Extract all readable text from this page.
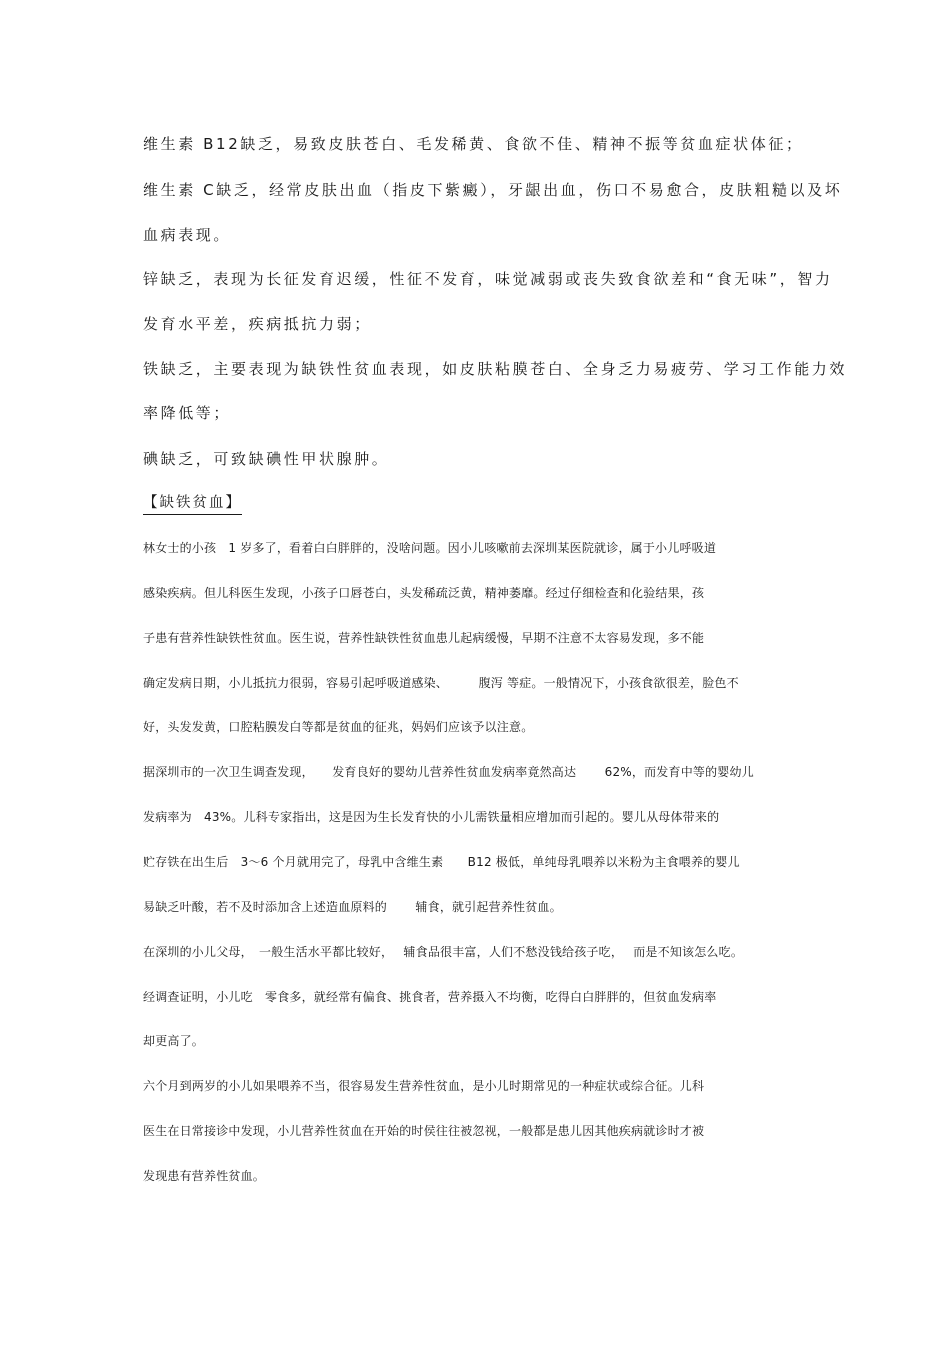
维生素 B12缺乏，易致皮肤苍白、毛发稀黄、食欲不佳、精神不振等贫血症状体征；
维生素 C缺乏，经常皮肤出血（指皮下紫癜），牙龈出血，伤口不易愈合，皮肤粗糙以及坏
血病表现。
锌缺乏，表现为长征发育迟缓，性征不发育，味觉减弱或丧失致食欲差和“食无味”，智力
发育水平差，疾病抵抗力弱；
铁缺乏，主要表现为缺铁性贫血表现，如皮肤粘膜苍白、全身乏力易疲劳、学习工作能力效
率降低等；
碘缺乏，可致缺碘性甲状腺肿。
【缺铁贫血】
林女士的小孩　1 岁多了，看着白白胖胖的，没啥问题。因小儿咳嗽前去深圳某医院就诊，属于小儿呼吸道
感染疾病。但儿科医生发现，小孩子口唇苍白，头发稀疏泛黄，精神萎靡。经过仔细检查和化验结果，孩
子患有营养性缺铁性贫血。医生说，营养性缺铁性贫血患儿起病缓慢，早期不注意不太容易发现，多不能
确定发病日期，小儿抵抗力很弱，容易引起呼吸道感染、　　　腹泻 等症。一般情况下，小孩食欲很差，脸色不
好，头发发黄，口腔粘膜发白等都是贫血的征兆，妈妈们应该予以注意。
据深圳市的一次卫生调查发现，　　发育良好的婴幼儿营养性贫血发病率竟然高达　　 62%，而发育中等的婴幼儿
发病率为　43%。儿科专家指出，这是因为生长发育快的小儿需铁量相应增加而引起的。婴儿从母体带来的
贮存铁在出生后　3～6 个月就用完了，母乳中含维生素　　B12 极低，单纯母乳喂养以米粉为主食喂养的婴儿
易缺乏叶酸，若不及时添加含上述造血原料的　　 辅食，就引起营养性贫血。
在深圳的小儿父母，　一般生活水平都比较好，　 辅食品很丰富，人们不愁没钱给孩子吃，　 而是不知该怎么吃。
经调查证明，小儿吃　零食多，就经常有偏食、挑食者，营养摄入不均衡，吃得白白胖胖的，但贫血发病率
却更高了。
六个月到两岁的小儿如果喂养不当，很容易发生营养性贫血，是小儿时期常见的一种症状或综合征。儿科
医生在日常接诊中发现，小儿营养性贫血在开始的时侯往往被忽视，一般都是患儿因其他疾病就诊时才被
发现患有营养性贫血。
